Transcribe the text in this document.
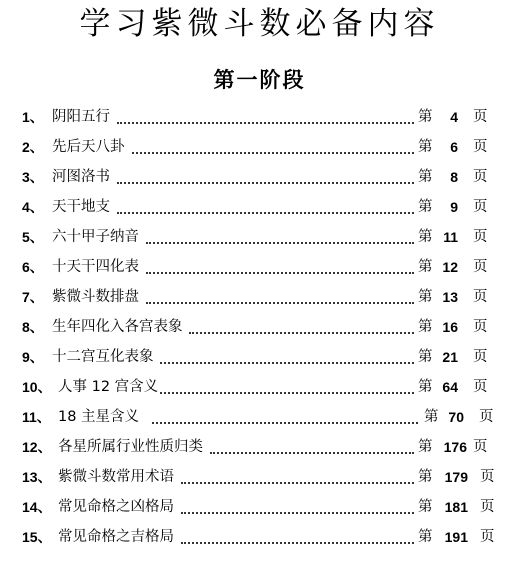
学习紫微斗数必备内容
第一阶段
1、 阴阳五行	第	4 页
2、 先后天八卦	第	6 页
3、 河图洛书	第	8 页
4、 天干地支	第	9 页
5、 六十甲子纳音	第 11 页
6、 十天干四化表	第 12 页
7、 紫微斗数排盘	第 13 页
8、 生年四化入各宫表象	第 16 页
9、 十二宫互化表象	第 21 页
10、 人事 12 宫含义	第 64 页
11、 18 主星含义	第 70 页
12、 各星所属行业性质归类	第 176 页
13、 紫微斗数常用术语	第 179 页
14、 常见命格之凶格局	第 181 页
15、 常见命格之吉格局	第 191 页
